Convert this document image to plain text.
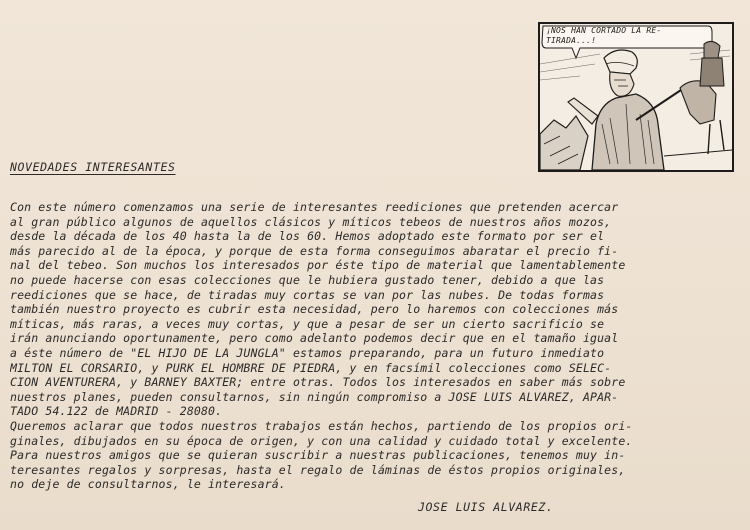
¡NOS HAN CORTADO LA RE- TIRADA...!
NOVEDADES INTERESANTES
Con este número comenzamos una serie de interesantes reediciones que pretenden acercar
al gran público algunos de aquellos clásicos y míticos tebeos de nuestros años mozos,
desde la década de los 40 hasta la de los 60. Hemos adoptado este formato por ser el
más parecido al de la época, y porque de esta forma conseguimos abaratar el precio fi-
nal del tebeo. Son muchos los interesados por éste tipo de material que lamentablemente
no puede hacerse con esas colecciones que le hubiera gustado tener, debido a que las
reediciones que se hace, de tiradas muy cortas se van por las nubes. De todas formas
también nuestro proyecto es cubrir esta necesidad, pero lo haremos con colecciones más
míticas, más raras, a veces muy cortas, y que a pesar de ser un cierto sacrificio se
irán anunciando oportunamente, pero como adelanto podemos decir que en el tamaño igual
a éste número de "EL HIJO DE LA JUNGLA" estamos preparando, para un futuro inmediato
MILTON EL CORSARIO, y PURK EL HOMBRE DE PIEDRA, y en facsímil colecciones como SELEC-
CION AVENTURERA, y BARNEY BAXTER; entre otras. Todos los interesados en saber más sobre
nuestros planes, pueden consultarnos, sin ningún compromiso a JOSE LUIS ALVAREZ, APAR-
TADO 54.122 de MADRID - 28080.
Queremos aclarar que todos nuestros trabajos están hechos, partiendo de los propios ori-
ginales, dibujados en su época de origen, y con una calidad y cuidado total y excelente.
Para nuestros amigos que se quieran suscribir a nuestras publicaciones, tenemos muy in-
teresantes regalos y sorpresas, hasta el regalo de láminas de éstos propios originales,
no deje de consultarnos, le interesará.
JOSE LUIS ALVAREZ.
